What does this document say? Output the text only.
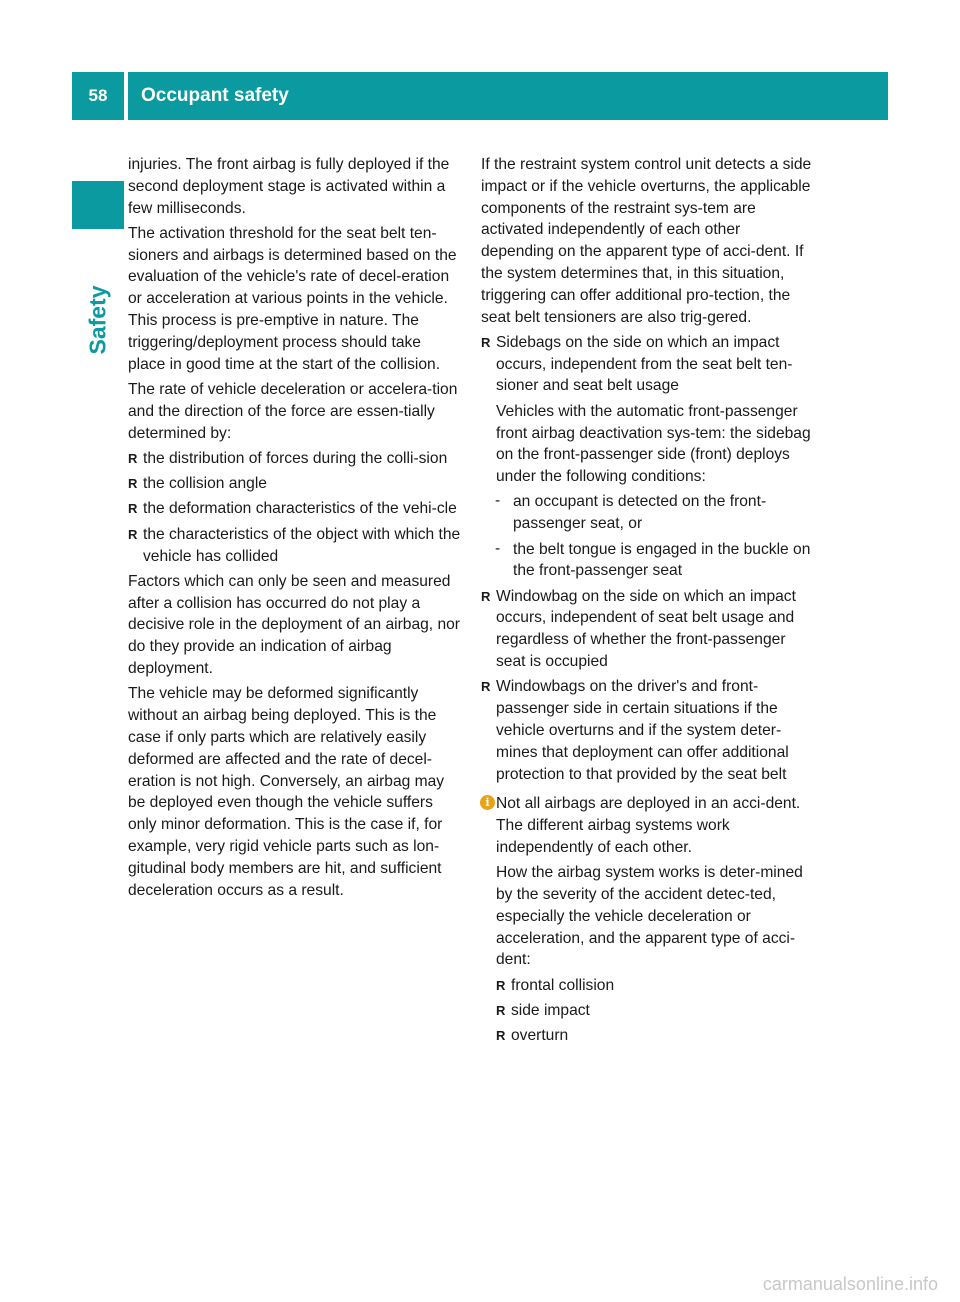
58	Occupant safety
Safety

injuries. The front airbag is fully deployed if the second deployment stage is activated within a few milliseconds.

The activation threshold for the seat belt ten-sioners and airbags is determined based on the evaluation of the vehicle's rate of decel-eration or acceleration at various points in the vehicle. This process is pre-emptive in nature. The triggering/deployment process should take place in good time at the start of the collision.

The rate of vehicle deceleration or accelera-tion and the direction of the force are essen-tially determined by:

R the distribution of forces during the colli-sion
R the collision angle
R the deformation characteristics of the vehi-cle
R the characteristics of the object with which the vehicle has collided

Factors which can only be seen and measured after a collision has occurred do not play a decisive role in the deployment of an airbag, nor do they provide an indication of airbag deployment.

The vehicle may be deformed significantly without an airbag being deployed. This is the case if only parts which are relatively easily deformed are affected and the rate of decel-eration is not high. Conversely, an airbag may be deployed even though the vehicle suffers only minor deformation. This is the case if, for example, very rigid vehicle parts such as lon-gitudinal body members are hit, and sufficient deceleration occurs as a result.

If the restraint system control unit detects a side impact or if the vehicle overturns, the applicable components of the restraint sys-tem are activated independently of each other depending on the apparent type of acci-dent. If the system determines that, in this situation, triggering can offer additional pro-tection, the seat belt tensioners are also trig-gered.

R Sidebags on the side on which an impact occurs, independent from the seat belt ten-sioner and seat belt usage
Vehicles with the automatic front-passenger front airbag deactivation sys-tem: the sidebag on the front-passenger side (front) deploys under the following conditions:
- an occupant is detected on the front-passenger seat, or
- the belt tongue is engaged in the buckle on the front-passenger seat
R Windowbag on the side on which an impact occurs, independent of seat belt usage and regardless of whether the front-passenger seat is occupied
R Windowbags on the driver's and front-passenger side in certain situations if the vehicle overturns and if the system deter-mines that deployment can offer additional protection to that provided by the seat belt
i Not all airbags are deployed in an acci-dent. The different airbag systems work independently of each other.

How the airbag system works is deter-mined by the severity of the accident detec-ted, especially the vehicle deceleration or acceleration, and the apparent type of acci-dent:

R frontal collision
R side impact
R overturn
carmanualsonline.info
